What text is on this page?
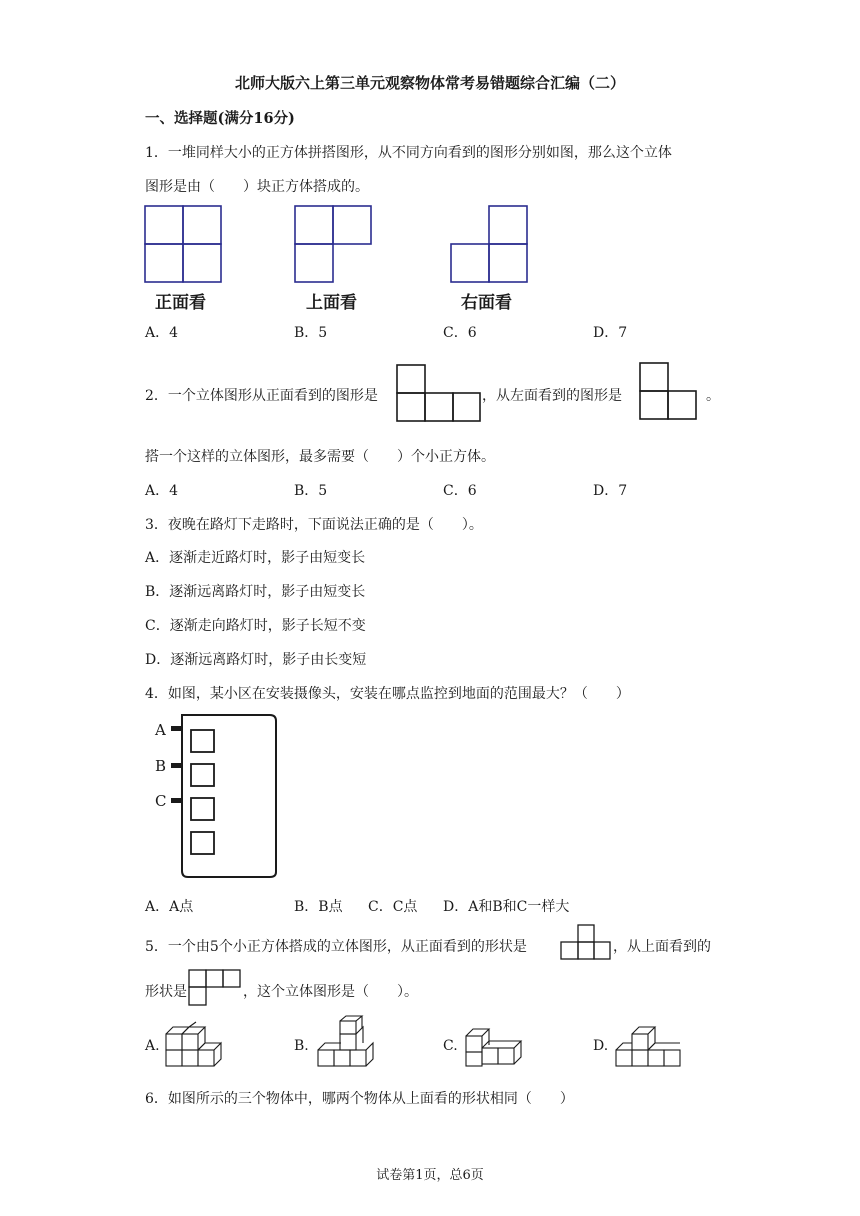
北师大版六上第三单元观察物体常考易错题综合汇编（二）
一、选择题(满分16分)
1．一堆同样大小的正方体拼搭图形，从不同方向看到的图形分别如图，那么这个立体
图形是由（　　）块正方体搭成的。
正面看	上面看	右面看
A．4	B．5	C．6	D．7
2．一个立体图形从正面看到的图形是	，从左面看到的图形是	。
搭一个这样的立体图形，最多需要（　　）个小正方体。
A．4	B．5	C．6	D．7
3．夜晚在路灯下走路时，下面说法正确的是（　　）。
A．逐渐走近路灯时，影子由短变长
B．逐渐远离路灯时，影子由短变长
C．逐渐走向路灯时，影子长短不变
D．逐渐远离路灯时，影子由长变短
4．如图，某小区在安装摄像头，安装在哪点监控到地面的范围最大？（　　）
A
B
C
A．A点	B．B点 C．C点 D．A和B和C一样大
5．一个由5个小正方体搭成的立体图形，从正面看到的形状是	，从上面看到的
形状是	，这个立体图形是（　　）。
A.	B.	C.	D.
6．如图所示的三个物体中，哪两个物体从上面看的形状相同（　　）
试卷第1页，总6页
